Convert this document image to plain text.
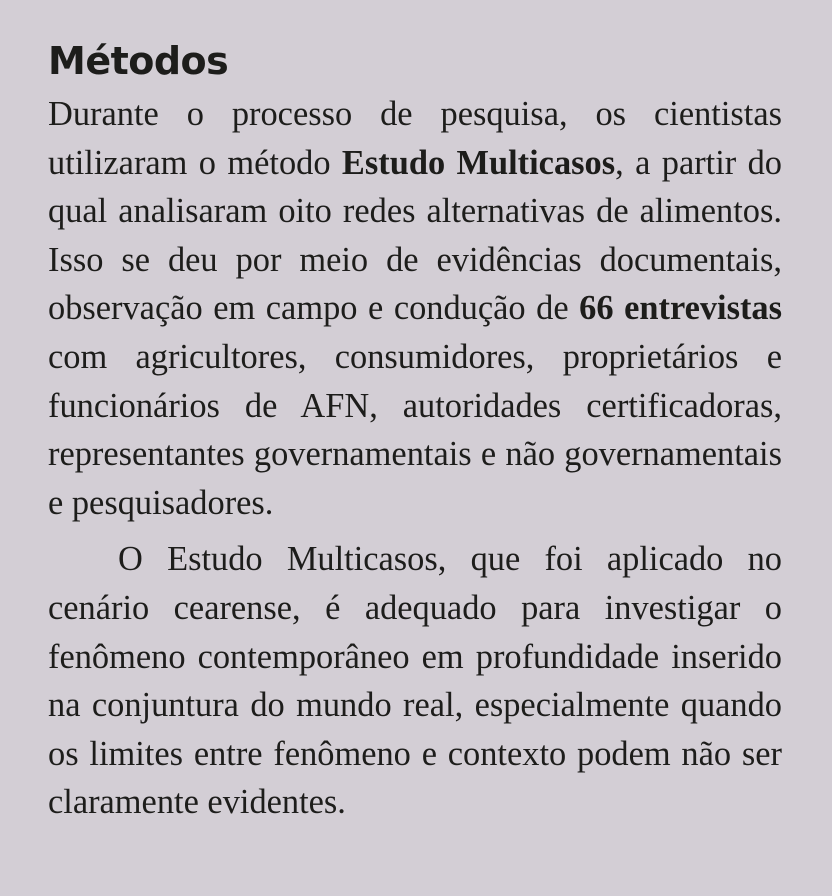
Métodos

Durante o processo de pesquisa, os cientistas utilizaram o método Estudo Multicasos, a partir do qual analisaram oito redes alternativas de alimentos. Isso se deu por meio de evidências documentais, observação em campo e condução de 66 entrevistas com agricultores, consumidores, proprietários e funcionários de AFN, autoridades certificadoras, representantes governamentais e não governamentais e pesquisadores.

O Estudo Multicasos, que foi aplicado no cenário cearense, é adequado para investigar o fenômeno contemporâneo em profundidade inserido na conjuntura do mundo real, especialmente quando os limites entre fenômeno e contexto podem não ser claramente evidentes.
